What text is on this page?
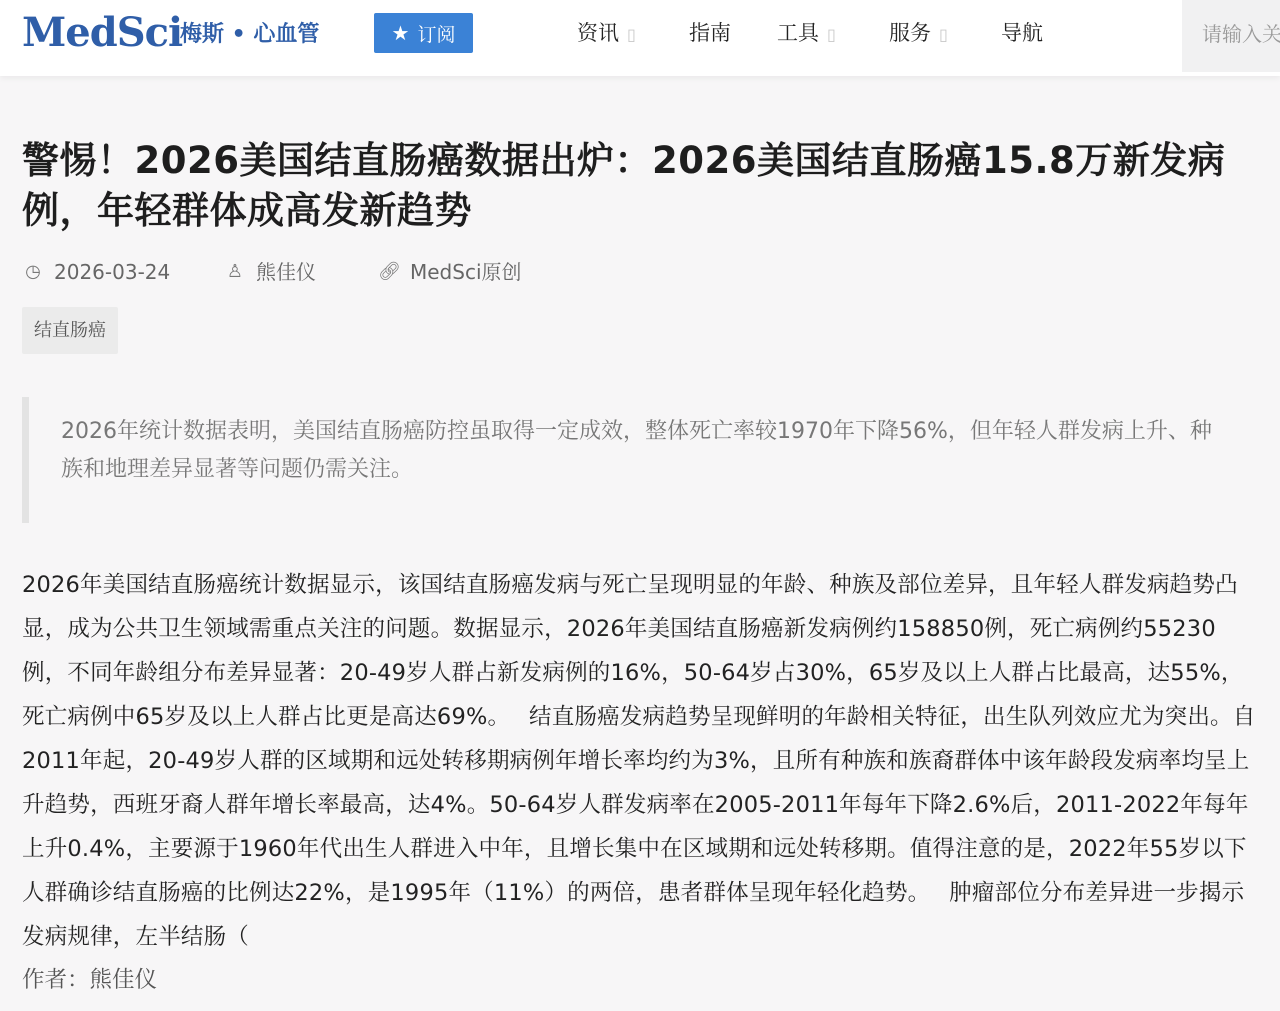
MedSci
梅斯 • 心血管	★ 订阅	资讯 ▯	指南 工具 ▯	服务 ▯	导航
请输入关
警惕！2026美国结直肠癌数据出炉：2026美国结直肠癌15.8万新发病例，年轻群体成高发新趋势
◷ 2026-03-24	♙ 熊佳仪	🔗︎ MedSci原创
结直肠癌

2026年统计数据表明，美国结直肠癌防控虽取得一定成效，整体死亡率较1970年下降56%，但年轻人群发病上升、种族和地理差异显著等问题仍需关注。

2026年美国结直肠癌统计数据显示，该国结直肠癌发病与死亡呈现明显的年龄、种族及部位差异，且年轻人群发病趋势凸显，成为公共卫生领域需重点关注的问题。数据显示，2026年美国结直肠癌新发病例约158850例，死亡病例约55230例，不同年龄组分布差异显著：20-49岁人群占新发病例的16%，50-64岁占30%，65岁及以上人群占比最高，达55%，死亡病例中65岁及以上人群占比更是高达69%。　 结直肠癌发病趋势呈现鲜明的年龄相关特征，出生队列效应尤为突出。自2011年起，20-49岁人群的区域期和远处转移期病例年增长率均约为3%，且所有种族和族裔群体中该年龄段发病率均呈上升趋势，西班牙裔人群年增长率最高，达4%。50-64岁人群发病率在2005-2011年每年下降2.6%后，2011-2022年每年上升0.4%，主要源于1960年代出生人群进入中年，且增长集中在区域期和远处转移期。值得注意的是，2022年55岁以下人群确诊结直肠癌的比例达22%，是1995年（11%）的两倍，患者群体呈现年轻化趋势。　 肿瘤部位分布差异进一步揭示发病规律，左半结肠（

作者：熊佳仪
